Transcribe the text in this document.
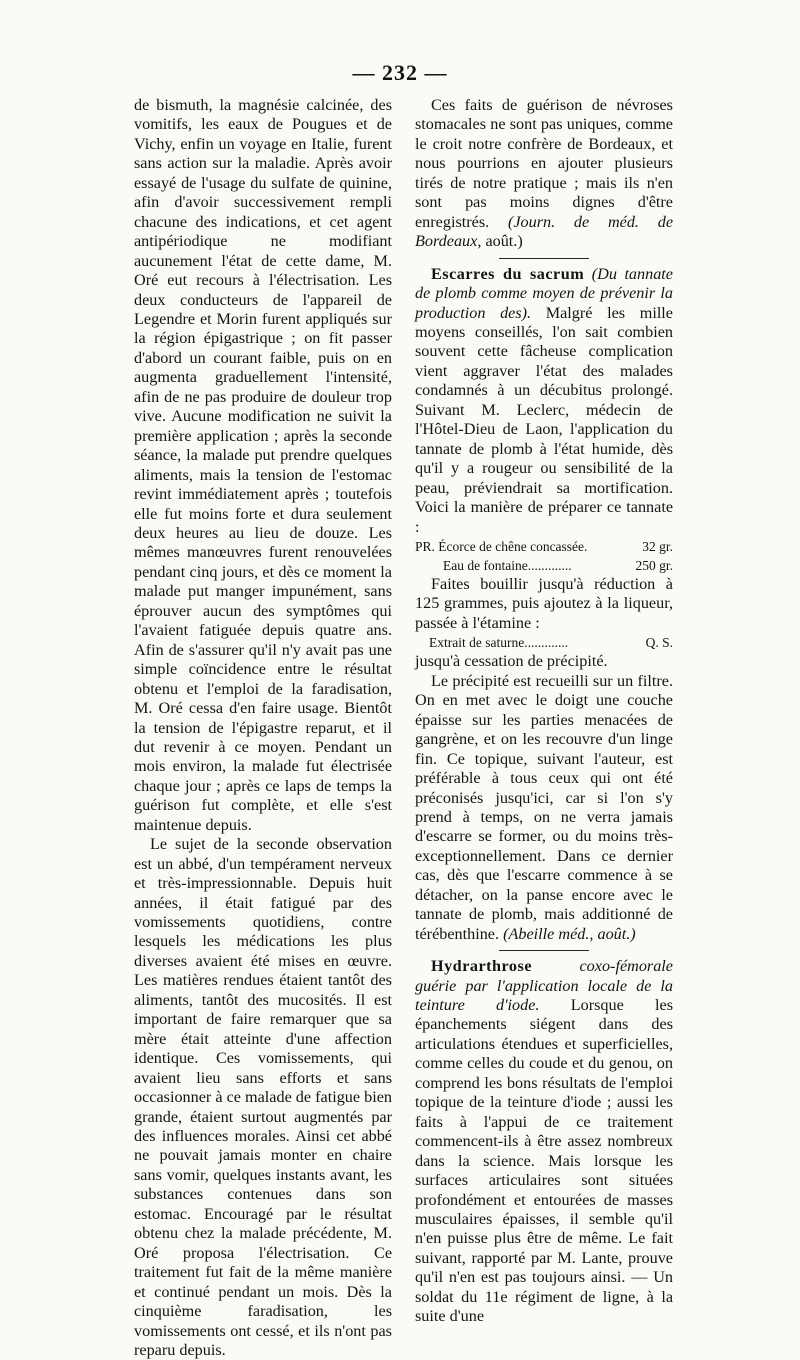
— 232 —

de bismuth, la magnésie calcinée, des vomitifs, les eaux de Pougues et de Vichy, enfin un voyage en Italie, furent sans action sur la maladie. Après avoir essayé de l'usage du sulfate de quinine, afin d'avoir successivement rempli chacune des indications, et cet agent antipériodique ne modifiant aucunement l'état de cette dame, M. Oré eut recours à l'électrisation. Les deux conducteurs de l'appareil de Legendre et Morin furent appliqués sur la région épigastrique ; on fit passer d'abord un courant faible, puis on en augmenta graduellement l'intensité, afin de ne pas produire de douleur trop vive. Aucune modification ne suivit la première application ; après la seconde séance, la malade put prendre quelques aliments, mais la tension de l'estomac revint immédiatement après ; toutefois elle fut moins forte et dura seulement deux heures au lieu de douze. Les mêmes manœuvres furent renouvelées pendant cinq jours, et dès ce moment la malade put manger impunément, sans éprouver aucun des symptômes qui l'avaient fatiguée depuis quatre ans. Afin de s'assurer qu'il n'y avait pas une simple coïncidence entre le résultat obtenu et l'emploi de la faradisation, M. Oré cessa d'en faire usage. Bientôt la tension de l'épigastre reparut, et il dut revenir à ce moyen. Pendant un mois environ, la malade fut électrisée chaque jour ; après ce laps de temps la guérison fut complète, et elle s'est maintenue depuis.

Le sujet de la seconde observation est un abbé, d'un tempérament nerveux et très-impressionnable. Depuis huit années, il était fatigué par des vomissements quotidiens, contre lesquels les médications les plus diverses avaient été mises en œuvre. Les matières rendues étaient tantôt des aliments, tantôt des mucosités. Il est important de faire remarquer que sa mère était atteinte d'une affection identique. Ces vomissements, qui avaient lieu sans efforts et sans occasionner à ce malade de fatigue bien grande, étaient surtout augmentés par des influences morales. Ainsi cet abbé ne pouvait jamais monter en chaire sans vomir, quelques instants avant, les substances contenues dans son estomac. Encouragé par le résultat obtenu chez la malade précédente, M. Oré proposa l'électrisation. Ce traitement fut fait de la même manière et continué pendant un mois. Dès la cinquième faradisation, les vomissements ont cessé, et ils n'ont pas reparu depuis.

Ces faits de guérison de névroses stomacales ne sont pas uniques, comme le croit notre confrère de Bordeaux, et nous pourrions en ajouter plusieurs tirés de notre pratique ; mais ils n'en sont pas moins dignes d'être enregistrés. (Journ. de méd. de Bordeaux, août.)

Escarres du sacrum (Du tannate de plomb comme moyen de prévenir la production des). Malgré les mille moyens conseillés, l'on sait combien souvent cette fâcheuse complication vient aggraver l'état des malades condamnés à un décubitus prolongé. Suivant M. Leclerc, médecin de l'Hôtel-Dieu de Laon, l'application du tannate de plomb à l'état humide, dès qu'il y a rougeur ou sensibilité de la peau, préviendrait sa mortification. Voici la manière de préparer ce tannate :

PR. Écorce de chêne concassée.	32 gr.
Eau de fontaine.............	250 gr.

Faites bouillir jusqu'à réduction à 125 grammes, puis ajoutez à la liqueur, passée à l'étamine :

Extrait de saturne.............	Q. S.

jusqu'à cessation de précipité.

Le précipité est recueilli sur un filtre. On en met avec le doigt une couche épaisse sur les parties menacées de gangrène, et on les recouvre d'un linge fin. Ce topique, suivant l'auteur, est préférable à tous ceux qui ont été préconisés jusqu'ici, car si l'on s'y prend à temps, on ne verra jamais d'escarre se former, ou du moins très-exceptionnellement. Dans ce dernier cas, dès que l'escarre commence à se détacher, on la panse encore avec le tannate de plomb, mais additionné de térébenthine. (Abeille méd., août.)

Hydrarthrose	coxo-fémorale guérie par l'application locale de la teinture d'iode. Lorsque les épanchements siégent dans des articulations étendues et superficielles, comme celles du coude et du genou, on comprend les bons résultats de l'emploi topique de la teinture d'iode ; aussi les faits à l'appui de ce traitement commencent-ils à être assez nombreux dans la science. Mais lorsque les surfaces articulaires sont situées profondément et entourées de masses musculaires épaisses, il semble qu'il n'en puisse plus être de même. Le fait suivant, rapporté par M. Lante, prouve qu'il n'en est pas toujours ainsi. — Un soldat du 11e régiment de ligne, à la suite d'une
